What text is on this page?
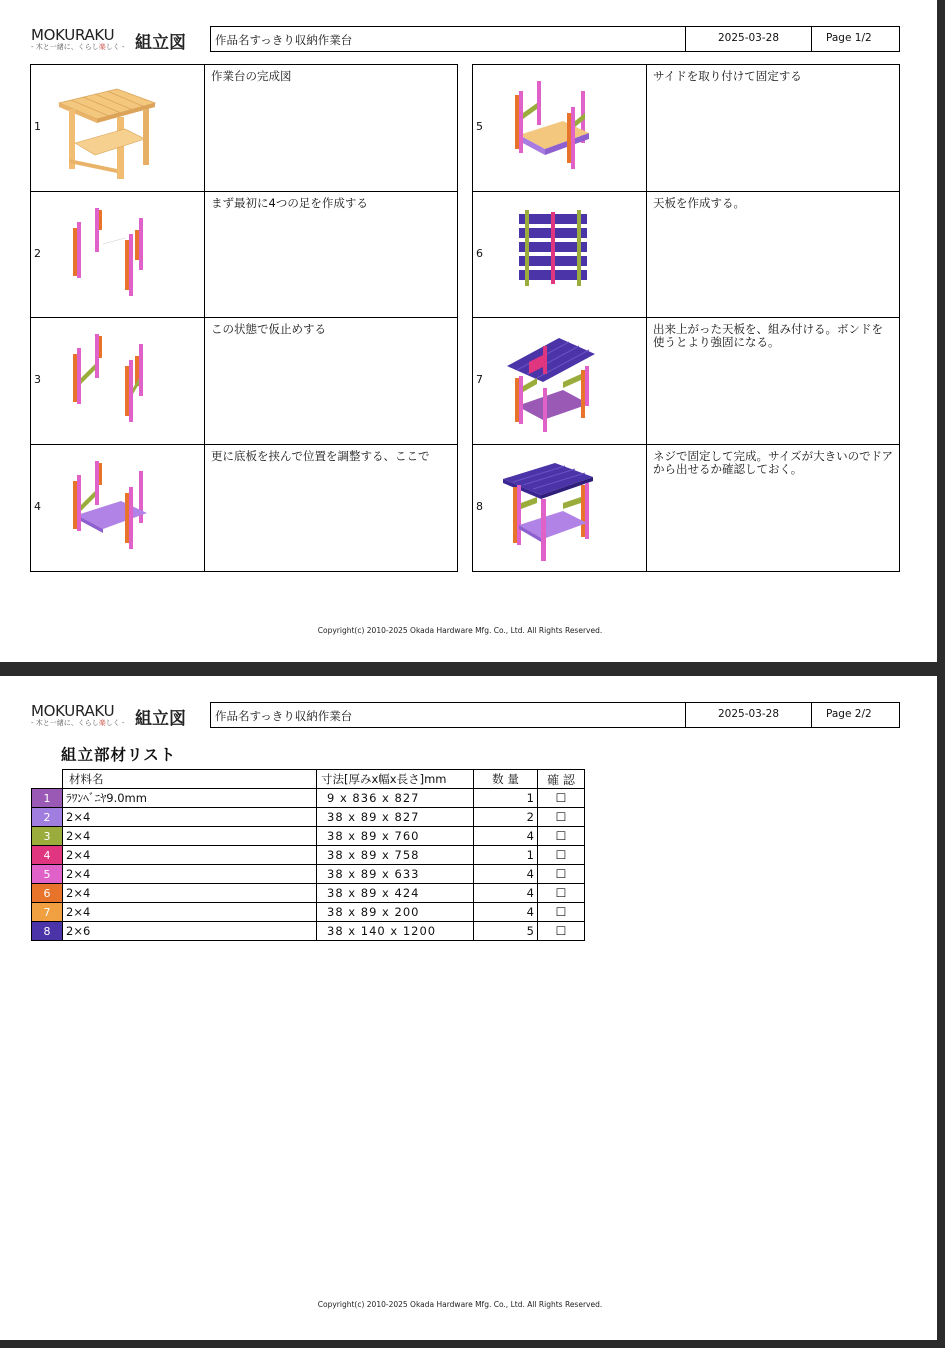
MOKURAKU
- 木と一緒に、くらし楽しく - 組立図	作品名すっきり収納作業台	2025-03-28	Page 1/2
1
作業台の完成図
2
まず最初に4つの足を作成する
3
この状態で仮止めする
4
更に底板を挟んで位置を調整する、ここで
5
サイドを取り付けて固定する
6
天板を作成する。
7
出来上がった天板を、組み付ける。ボンドを使うとより強固になる。
8
ネジで固定して完成。サイズが大きいのでドアから出せるか確認しておく。
Copyright(c) 2010-2025 Okada Hardware Mfg. Co., Ltd. All Rights Reserved.
MOKURAKU
- 木と一緒に、くらし楽しく - 組立図	作品名すっきり収納作業台	2025-03-28	Page 2/2
組立部材リスト
	材料名	寸法[厚みx幅x長さ]mm	数 量	確 認
1	ﾗﾜﾝﾍﾞﾆﾔ9.0mm	9 x 836 x 827	1	☐
2	2×4	38 x 89 x 827	2	☐
3	2×4	38 x 89 x 760	4	☐
4	2×4	38 x 89 x 758	1	☐
5	2×4	38 x 89 x 633	4	☐
6	2×4	38 x 89 x 424	4	☐
7	2×4	38 x 89 x 200	4	☐
8	2×6	38 x 140 x 1200	5	☐
Copyright(c) 2010-2025 Okada Hardware Mfg. Co., Ltd. All Rights Reserved.
